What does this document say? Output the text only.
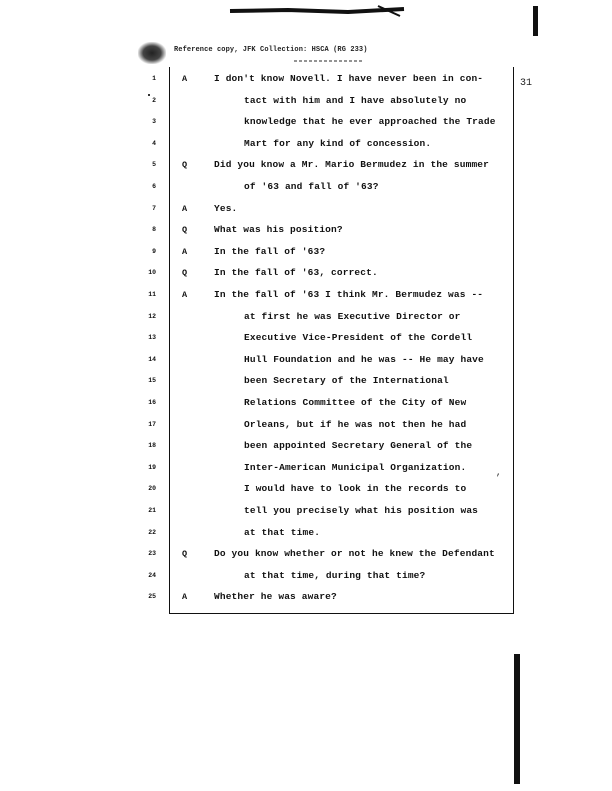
Reference copy, JFK Collection: HSCA (RG 233)
31
1	A	I don't know Novell. I have never been in con-
2	tact with him and I have absolutely no
3	knowledge that he ever approached the Trade
4	Mart for any kind of concession.
5	Q	Did you know a Mr. Mario Bermudez in the summer
6	of '63 and fall of '63?
7	A	Yes.
8	Q	What was his position?
9	A	In the fall of '63?
10	Q	In the fall of '63, correct.
11	A	In the fall of '63 I think Mr. Bermudez was --
12	at first he was Executive Director or
13	Executive Vice-President of the Cordell
14	Hull Foundation and he was -- He may have
15	been Secretary of the International
16	Relations Committee of the City of New
17	Orleans, but if he was not then he had
18	been appointed Secretary General of the
19	Inter-American Municipal Organization.
20	I would have to look in the records to
21	tell you precisely what his position was
22	at that time.
23	Q	Do you know whether or not he knew the Defendant
24	at that time, during that time?
25	A	Whether he was aware?
,
